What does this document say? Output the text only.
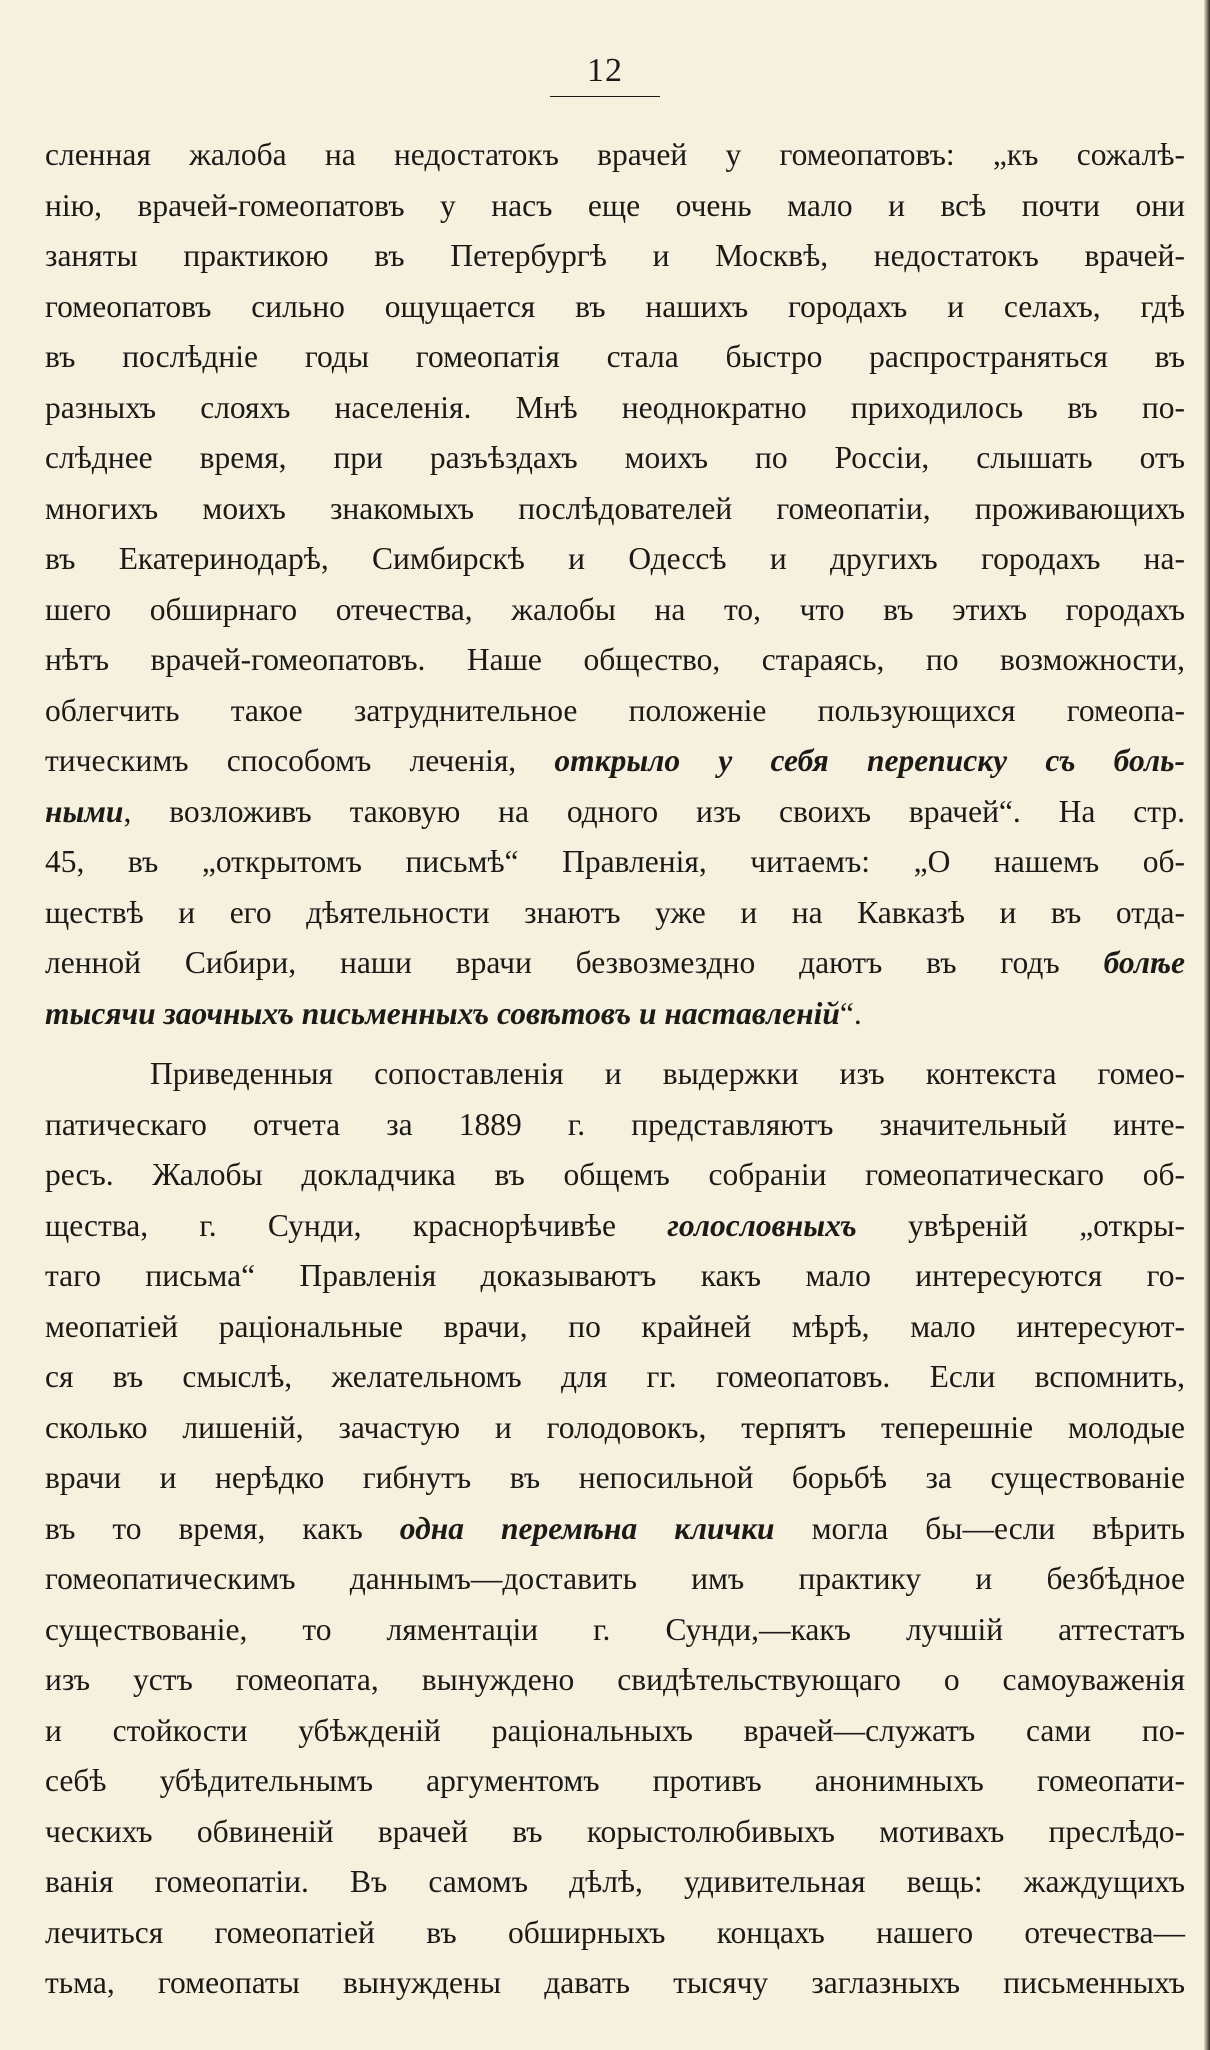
12
сленная жалоба на недостатокъ врачей у гомеопатовъ: „къ сожалѣ-
нію, врачей-гомеопатовъ у насъ еще очень мало и всѣ почти они
заняты практикою въ Петербургѣ и Москвѣ, недостатокъ врачей-
гомеопатовъ сильно ощущается въ нашихъ городахъ и селахъ, гдѣ
въ послѣдніе годы гомеопатія стала быстро распространяться въ
разныхъ слояхъ населенія. Мнѣ неоднократно приходилось въ по-
слѣднее время, при разъѣздахъ моихъ по Россіи, слышать отъ
многихъ моихъ знакомыхъ послѣдователей гомеопатіи, проживающихъ
въ Екатеринодарѣ, Симбирскѣ и Одессѣ и другихъ городахъ на-
шего обширнаго отечества, жалобы на то, что въ этихъ городахъ
нѣтъ врачей-гомеопатовъ. Наше общество, стараясь, по возможности,
облегчить такое затруднительное положеніе пользующихся гомеопа-
тическимъ способомъ леченія, открыло у себя переписку съ боль-
ными, возложивъ таковую на одного изъ своихъ врачей“. На стр.
45, въ „открытомъ письмѣ“ Правленія, читаемъ: „О нашемъ об-
ществѣ и его дѣятельности знаютъ уже и на Кавказѣ и въ отда-
ленной Сибири, наши врачи безвозмездно даютъ въ годъ болѣе
тысячи заочныхъ письменныхъ совѣтовъ и наставленій“.
Приведенныя сопоставленія и выдержки изъ контекста гомео-
патическаго отчета за 1889 г. представляютъ значительный инте-
ресъ. Жалобы докладчика въ общемъ собраніи гомеопатическаго об-
щества, г. Сунди, краснорѣчивѣе голословныхъ увѣреній „откры-
таго письма“ Правленія доказываютъ какъ мало интересуются го-
меопатіей раціональные врачи, по крайней мѣрѣ, мало интересуют-
ся въ смыслѣ, желательномъ для гг. гомеопатовъ. Если вспомнить,
сколько лишеній, зачастую и голодовокъ, терпятъ теперешніе молодые
врачи и нерѣдко гибнутъ въ непосильной борьбѣ за существованіе
въ то время, какъ одна перемѣна клички могла бы—если вѣрить
гомеопатическимъ даннымъ—доставить имъ практику и безбѣдное
существованіе, то ляментаціи г. Сунди,—какъ лучшій аттестатъ
изъ устъ гомеопата, вынуждено свидѣтельствующаго о самоуваженія
и стойкости убѣжденій раціональныхъ врачей—служатъ сами по-
себѣ убѣдительнымъ аргументомъ противъ анонимныхъ гомеопати-
ческихъ обвиненій врачей въ корыстолюбивыхъ мотивахъ преслѣдо-
ванія гомеопатіи. Въ самомъ дѣлѣ, удивительная вещь: жаждущихъ
лечиться гомеопатіей въ обширныхъ концахъ нашего отечества—
тьма, гомеопаты вынуждены давать тысячу заглазныхъ письменныхъ
